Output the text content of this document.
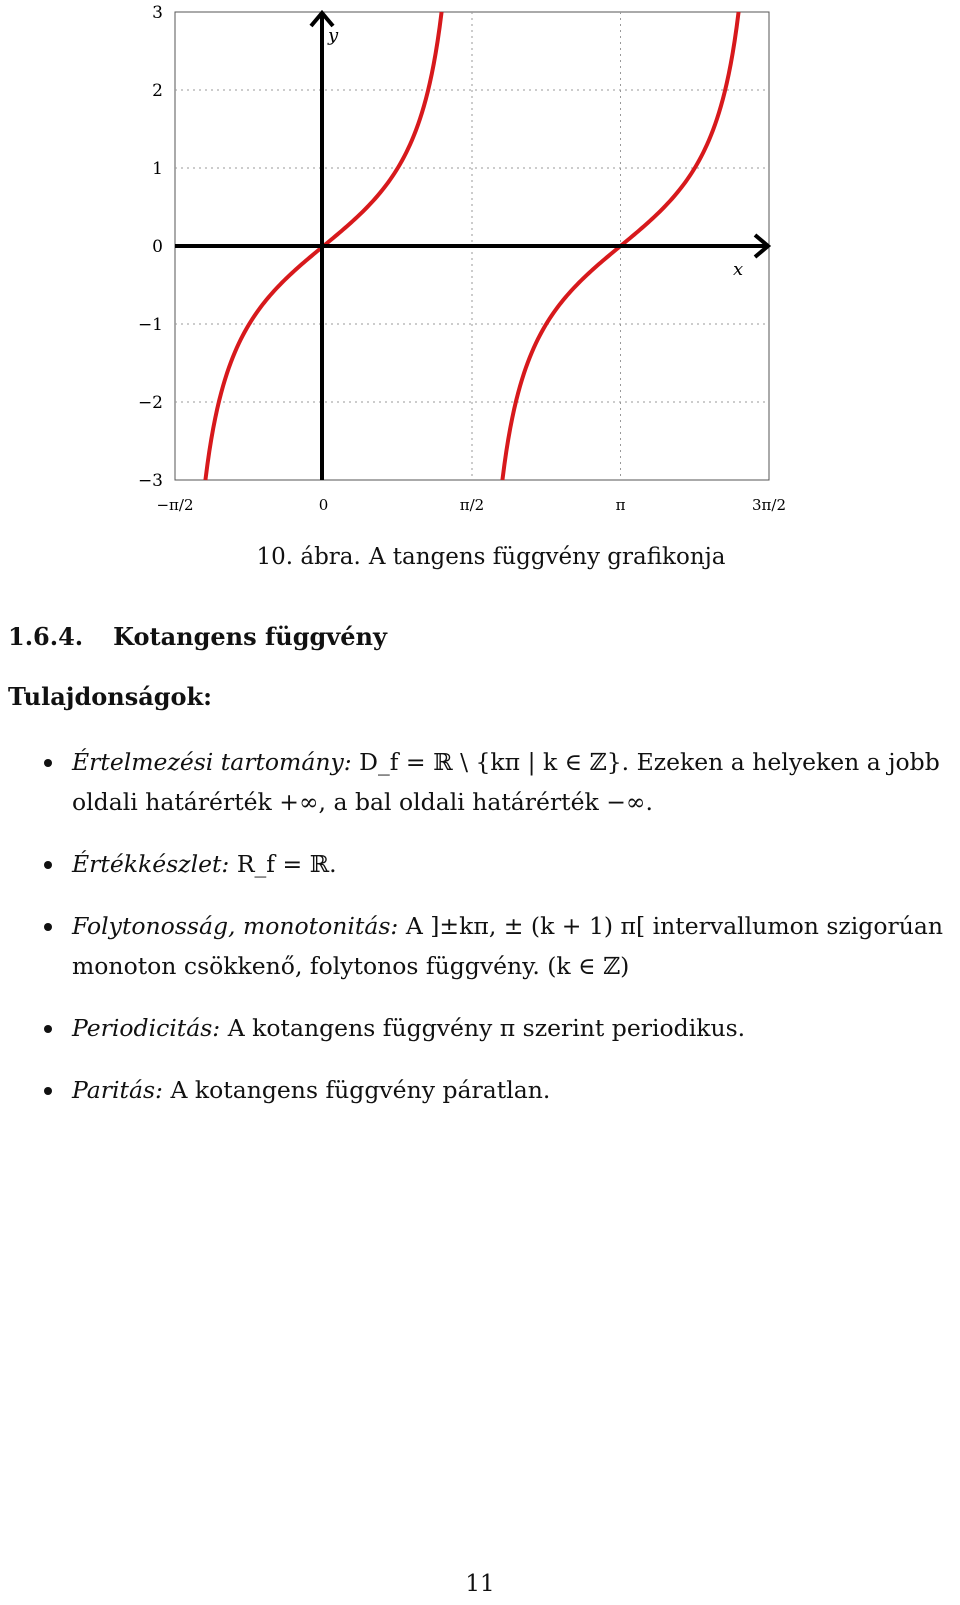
3
2
1
0
−1
−2
−3
−π/2	0	π/2	π	3π/2
x
y
10. ábra. A tangens függvény grafikonja
1.6.4. Kotangens függvény
Tulajdonságok:
Értelmezési tartomány: D_f = ℝ \ {kπ | k ∈ ℤ}. Ezeken a helyeken a jobb oldali határérték +∞, a bal oldali határérték −∞.
Értékkészlet: R_f = ℝ.
Folytonosság, monotonitás: A ]±kπ, ± (k + 1) π[ intervallumon szigorúan monoton csökkenő, folytonos függvény. (k ∈ ℤ)
Periodicitás: A kotangens függvény π szerint periodikus.
Paritás: A kotangens függvény páratlan.
11
